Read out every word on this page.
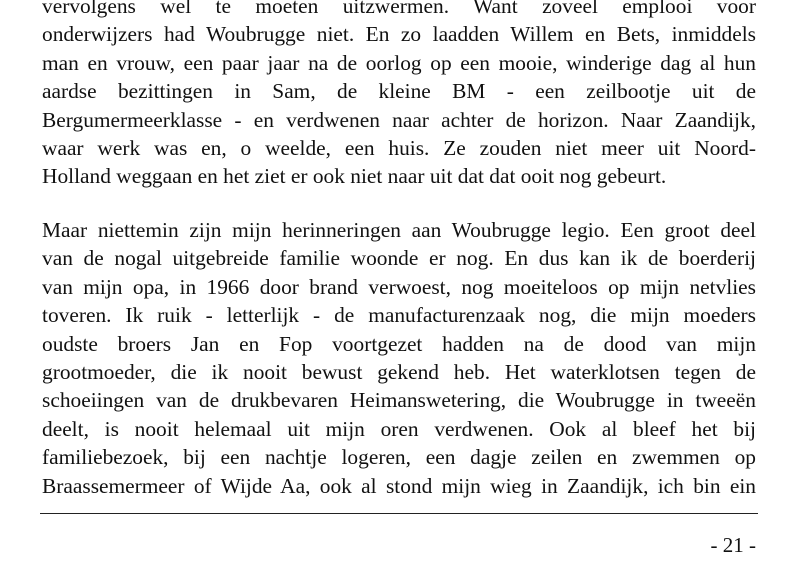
vervolgens wel te moeten uitzwermen. Want zoveel emplooi voor
onderwijzers had Woubrugge niet. En zo laadden Willem en Bets, inmiddels
man en vrouw, een paar jaar na de oorlog op een mooie, winderige dag al hun
aardse bezittingen in Sam, de kleine BM - een zeilbootje uit de
Bergumermeerklasse - en verdwenen naar achter de horizon. Naar Zaandijk,
waar werk was en, o weelde, een huis. Ze zouden niet meer uit Noord-
Holland weggaan en het ziet er ook niet naar uit dat dat ooit nog gebeurt.
Maar niettemin zijn mijn herinneringen aan Woubrugge legio. Een groot deel
van de nogal uitgebreide familie woonde er nog. En dus kan ik de boerderij
van mijn opa, in 1966 door brand verwoest, nog moeiteloos op mijn netvlies
toveren. Ik ruik - letterlijk - de manufacturenzaak nog, die mijn moeders
oudste broers Jan en Fop voortgezet hadden na de dood van mijn
grootmoeder, die ik nooit bewust gekend heb. Het waterklotsen tegen de
schoeiingen van de drukbevaren Heimanswetering, die Woubrugge in tweeën
deelt, is nooit helemaal uit mijn oren verdwenen. Ook al bleef het bij
familiebezoek, bij een nachtje logeren, een dagje zeilen en zwemmen op
Braassemermeer of Wijde Aa, ook al stond mijn wieg in Zaandijk, ich bin ein
- 21 -
